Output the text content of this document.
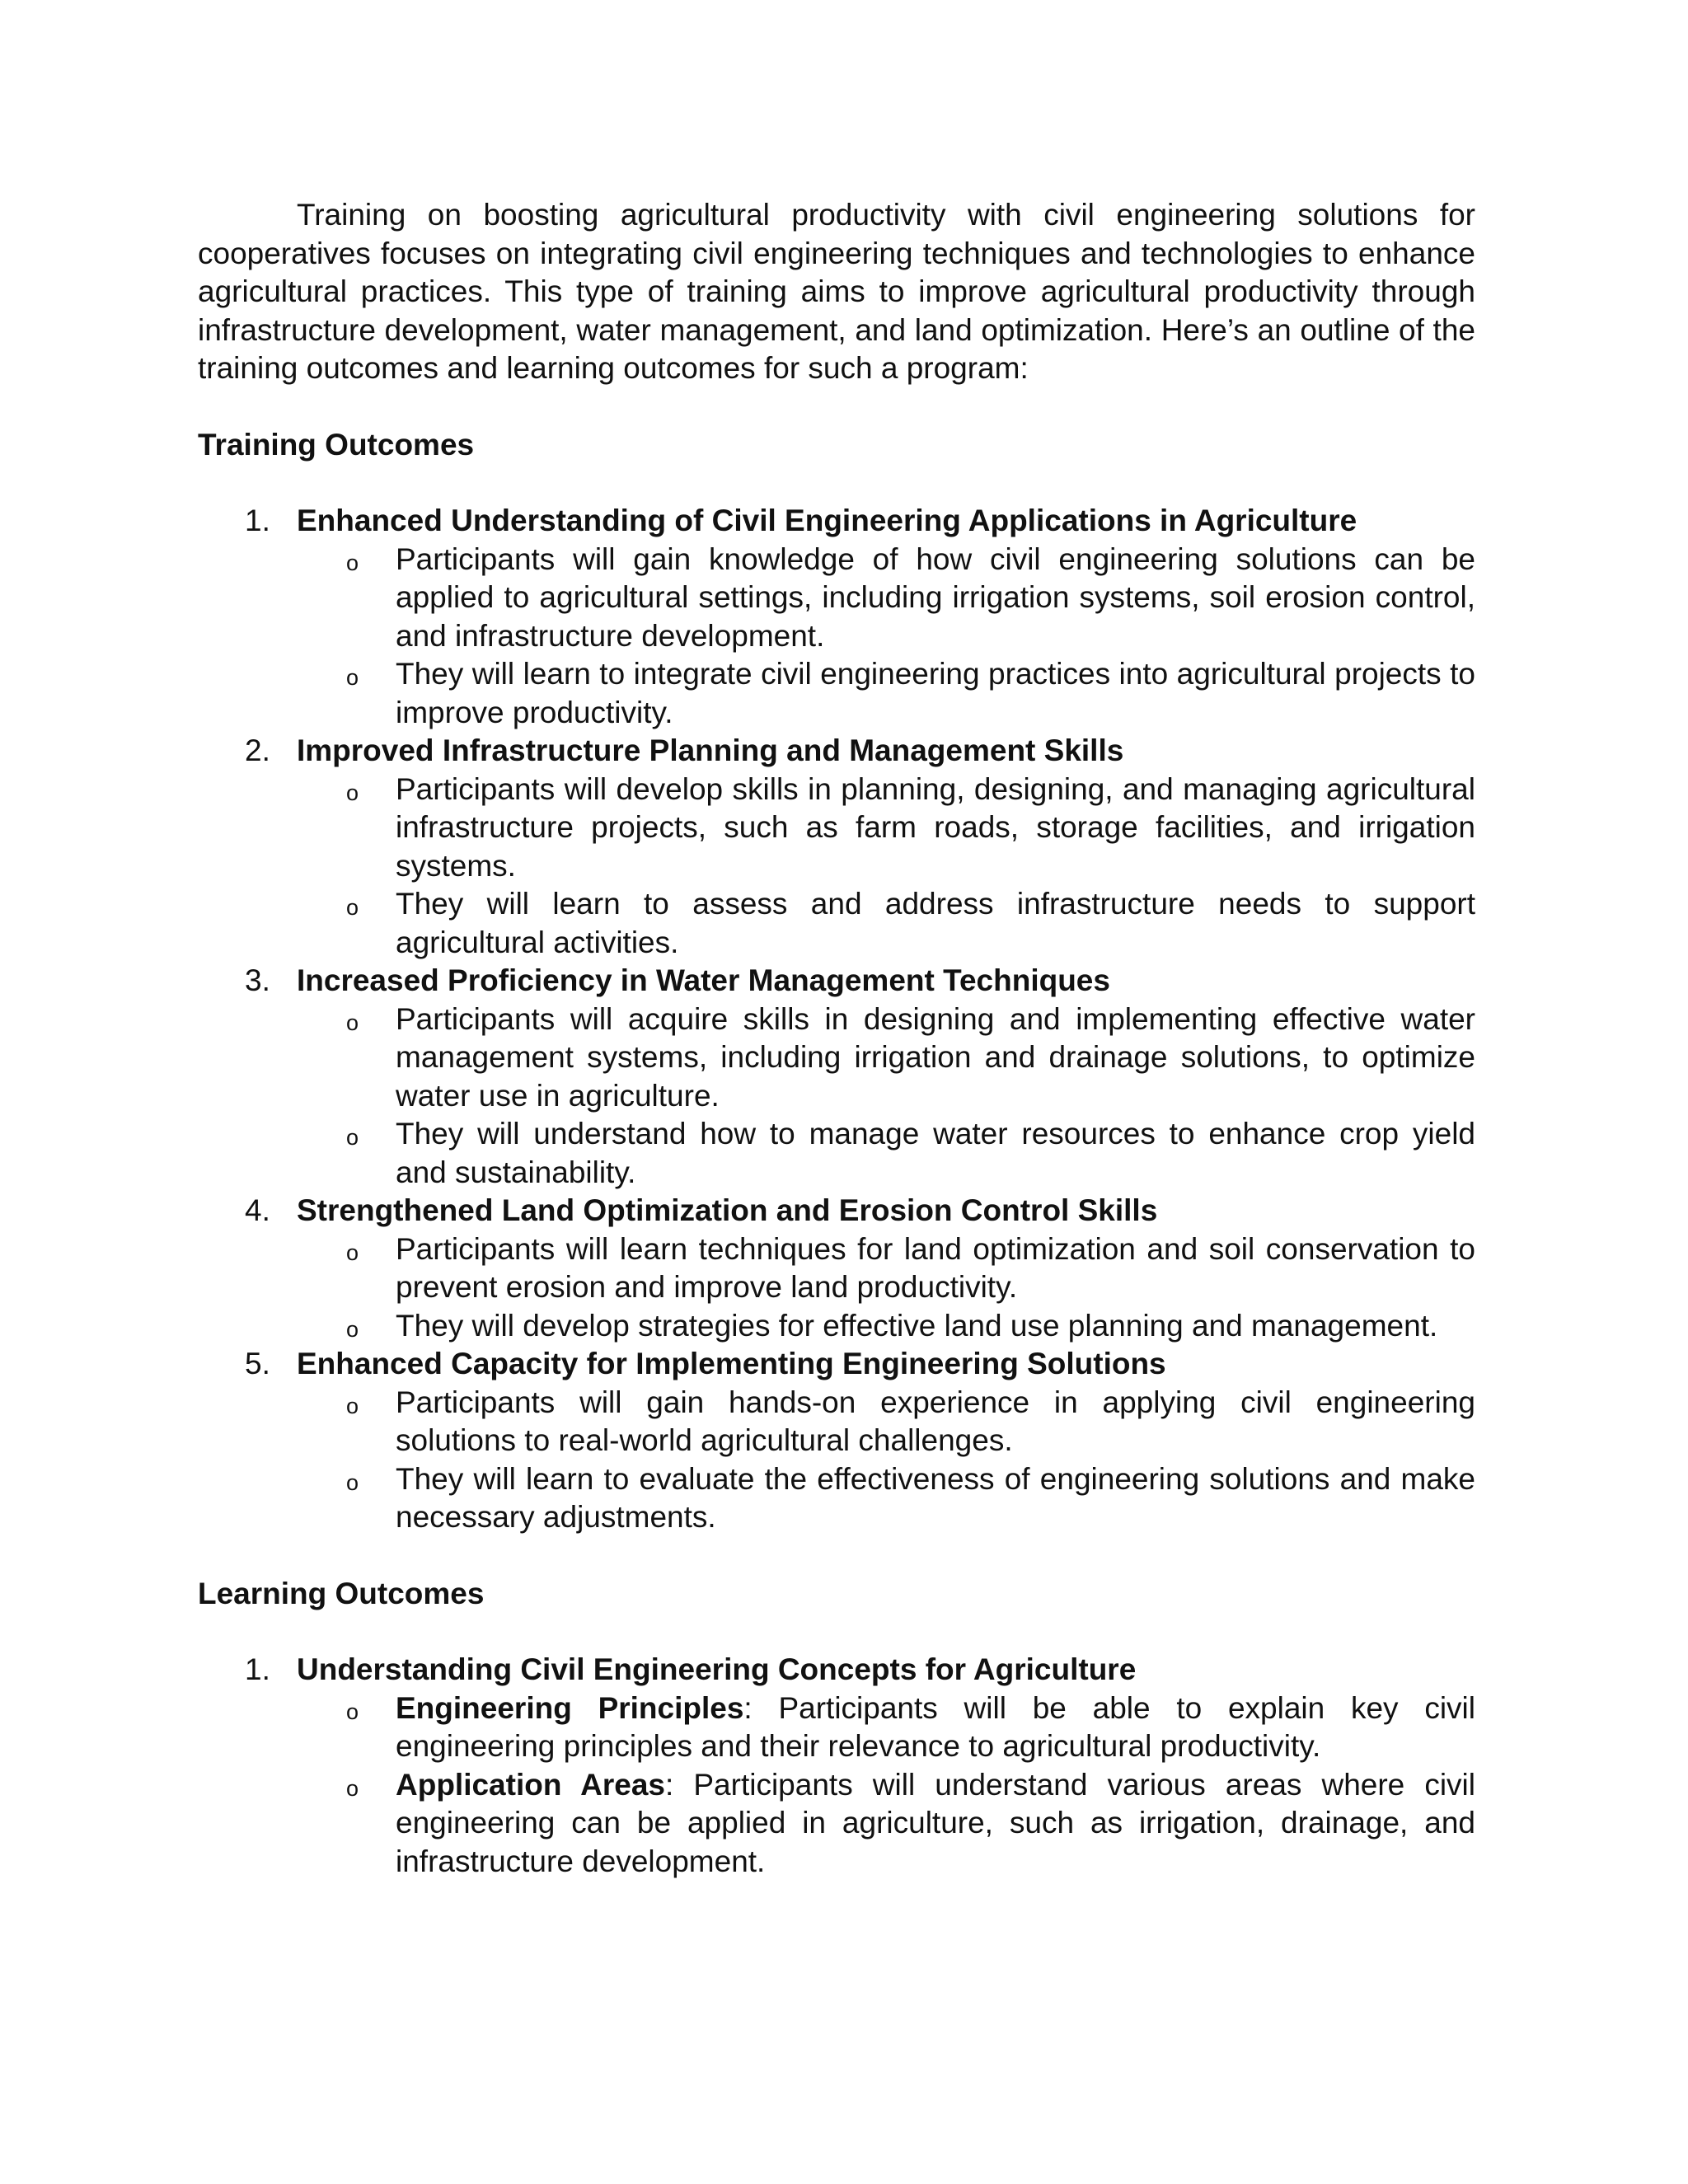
Training on boosting agricultural productivity with civil engineering solutions for cooperatives focuses on integrating civil engineering techniques and technologies to enhance agricultural practices. This type of training aims to improve agricultural productivity through infrastructure development, water management, and land optimization. Here’s an outline of the training outcomes and learning outcomes for such a program:

Training Outcomes
1. Enhanced Understanding of Civil Engineering Applications in Agriculture
o Participants will gain knowledge of how civil engineering solutions can be applied to agricultural settings, including irrigation systems, soil erosion control, and infrastructure development.
o They will learn to integrate civil engineering practices into agricultural projects to improve productivity.
2. Improved Infrastructure Planning and Management Skills
o Participants will develop skills in planning, designing, and managing agricultural infrastructure projects, such as farm roads, storage facilities, and irrigation systems.
o They will learn to assess and address infrastructure needs to support agricultural activities.
3. Increased Proficiency in Water Management Techniques
o Participants will acquire skills in designing and implementing effective water management systems, including irrigation and drainage solutions, to optimize water use in agriculture.
o They will understand how to manage water resources to enhance crop yield and sustainability.
4. Strengthened Land Optimization and Erosion Control Skills
o Participants will learn techniques for land optimization and soil conservation to prevent erosion and improve land productivity.
o They will develop strategies for effective land use planning and management.
5. Enhanced Capacity for Implementing Engineering Solutions
o Participants will gain hands-on experience in applying civil engineering solutions to real-world agricultural challenges.
o They will learn to evaluate the effectiveness of engineering solutions and make necessary adjustments.
Learning Outcomes
1. Understanding Civil Engineering Concepts for Agriculture
o Engineering Principles: Participants will be able to explain key civil engineering principles and their relevance to agricultural productivity.
o Application Areas: Participants will understand various areas where civil engineering can be applied in agriculture, such as irrigation, drainage, and infrastructure development.
